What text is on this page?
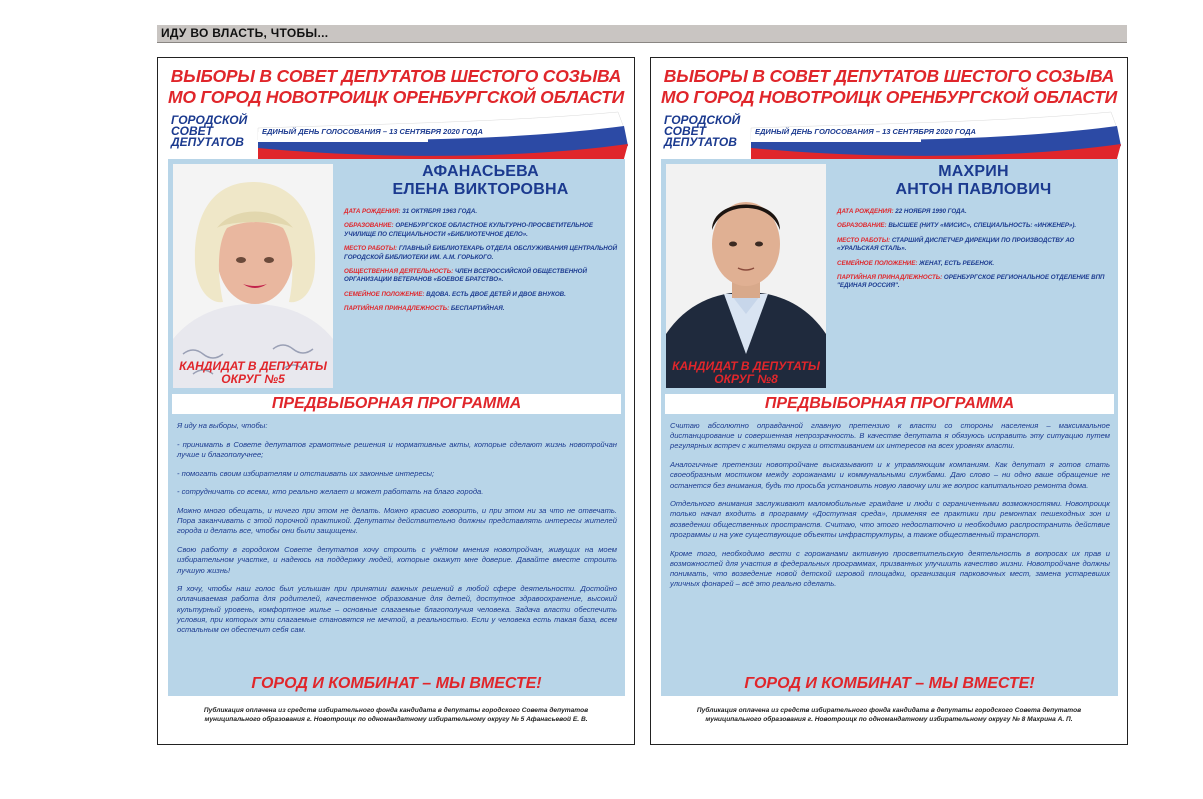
ИДУ ВО ВЛАСТЬ, ЧТОБЫ...
ВЫБОРЫ В СОВЕТ ДЕПУТАТОВ ШЕСТОГО СОЗЫВА
МО ГОРОД НОВОТРОИЦК ОРЕНБУРГСКОЙ ОБЛАСТИ
ГОРОДСКОЙ
СОВЕТ
ДЕПУТАТОВ
ЕДИНЫЙ ДЕНЬ ГОЛОСОВАНИЯ – 13 СЕНТЯБРЯ 2020 ГОДА
КАНДИДАТ В ДЕПУТАТЫ
ОКРУГ №5
АФАНАСЬЕВА
ЕЛЕНА ВИКТОРОВНА

ДАТА РОЖДЕНИЯ: 31 ОКТЯБРЯ 1963 ГОДА.

ОБРАЗОВАНИЕ: ОРЕНБУРГСКОЕ ОБЛАСТНОЕ КУЛЬТУРНО-ПРОСВЕТИТЕЛЬНОЕ УЧИЛИЩЕ ПО СПЕЦИАЛЬНОСТИ «БИБЛИОТЕЧНОЕ ДЕЛО».

МЕСТО РАБОТЫ: ГЛАВНЫЙ БИБЛИОТЕКАРЬ ОТДЕЛА ОБСЛУЖИВАНИЯ ЦЕНТРАЛЬНОЙ ГОРОДСКОЙ БИБЛИОТЕКИ ИМ. А.М. ГОРЬКОГО.

ОБЩЕСТВЕННАЯ ДЕЯТЕЛЬНОСТЬ: ЧЛЕН ВСЕРОССИЙСКОЙ ОБЩЕСТВЕННОЙ ОРГАНИЗАЦИИ ВЕТЕРАНОВ «БОЕВОЕ БРАТСТВО».

СЕМЕЙНОЕ ПОЛОЖЕНИЕ: ВДОВА. ЕСТЬ ДВОЕ ДЕТЕЙ И ДВОЕ ВНУКОВ.

ПАРТИЙНАЯ ПРИНАДЛЕЖНОСТЬ: БЕСПАРТИЙНАЯ.

ПРЕДВЫБОРНАЯ ПРОГРАММА

Я иду на выборы, чтобы:

- принимать в Совете депутатов грамотные решения и нормативные акты, которые сделают жизнь новотройчан лучше и благополучнее;

- помогать своим избирателям и отстаивать их законные интересы;

- сотрудничать со всеми, кто реально желает и может работать на благо города.

Можно много обещать, и ничего при этом не делать. Можно красиво говорить, и при этом ни за что не отвечать. Пора заканчивать с этой порочной практикой. Депутаты действительно должны представлять интересы жителей города и делать все, чтобы они были защищены.

Свою работу в городском Совете депутатов хочу строить с учётом мнения новотройчан, живущих на моем избирательном участке, и надеюсь на поддержку людей, которые окажут мне доверие. Давайте вместе строить лучшую жизнь!

Я хочу, чтобы наш голос был услышан при принятии важных решений в любой сфере деятельности. Достойно оплачиваемая работа для родителей, качественное образование для детей, доступное здравоохранение, высокий культурный уровень, комфортное жилье – основные слагаемые благополучия человека. Задача власти обеспечить условия, при которых эти слагаемые становятся не мечтой, а реальностью. Если у человека есть такая база, всем остальным он обеспечит себя сам.

ГОРОД И КОМБИНАТ – МЫ ВМЕСТЕ!
Публикация оплачена из средств избирательного фонда кандидата в депутаты городского Совета депутатов
муниципального образования г. Новотроицк по одномандатному избирательному округу № 5 Афанасьевой Е. В.
ВЫБОРЫ В СОВЕТ ДЕПУТАТОВ ШЕСТОГО СОЗЫВА
МО ГОРОД НОВОТРОИЦК ОРЕНБУРГСКОЙ ОБЛАСТИ
ГОРОДСКОЙ
СОВЕТ
ДЕПУТАТОВ
ЕДИНЫЙ ДЕНЬ ГОЛОСОВАНИЯ – 13 СЕНТЯБРЯ 2020 ГОДА
КАНДИДАТ В ДЕПУТАТЫ
ОКРУГ №8
МАХРИН
АНТОН ПАВЛОВИЧ

ДАТА РОЖДЕНИЯ: 22 НОЯБРЯ 1990 ГОДА.

ОБРАЗОВАНИЕ: ВЫСШЕЕ (НИТУ «МИСИС», СПЕЦИАЛЬНОСТЬ: «ИНЖЕНЕР»).

МЕСТО РАБОТЫ: СТАРШИЙ ДИСПЕТЧЕР ДИРЕКЦИИ ПО ПРОИЗВОДСТВУ АО «УРАЛЬСКАЯ СТАЛЬ».

СЕМЕЙНОЕ ПОЛОЖЕНИЕ: ЖЕНАТ, ЕСТЬ РЕБЕНОК.

ПАРТИЙНАЯ ПРИНАДЛЕЖНОСТЬ: ОРЕНБУРГСКОЕ РЕГИОНАЛЬНОЕ ОТДЕЛЕНИЕ ВПП "ЕДИНАЯ РОССИЯ".

ПРЕДВЫБОРНАЯ ПРОГРАММА

Считаю абсолютно оправданной главную претензию к власти со стороны населения – максимальное дистанцирование и совершенная непрозрачность. В качестве депутата я обязуюсь исправить эту ситуацию путем регулярных встреч с жителями округа и отстаиванием их интересов на всех уровнях власти.

Аналогичные претензии новотройчане высказывают и к управляющим компаниям. Как депутат я готов стать своеобразным мостиком между горожанами и коммунальными службами. Даю слово – ни одно ваше обращение не останется без внимания, будь то просьба установить новую лавочку или же вопрос капитального ремонта дома.

Отдельного внимания заслуживают маломобильные граждане и люди с ограниченными возможностями. Новотроицк только начал входить в программу «Доступная среда», применяя ее практики при ремонтах пешеходных зон и возведении общественных пространств. Считаю, что этого недостаточно и необходимо распространить действие программы и на уже существующие объекты инфраструктуры, а также общественный транспорт.

Кроме того, необходимо вести с горожанами активную просветительскую деятельность в вопросах их прав и возможностей для участия в федеральных программах, призванных улучшить качество жизни. Новотройчане должны понимать, что возведение новой детской игровой площадки, организация парковочных мест, замена устаревших уличных фонарей – всё это реально сделать.

ГОРОД И КОМБИНАТ – МЫ ВМЕСТЕ!
Публикация оплачена из средств избирательного фонда кандидата в депутаты городского Совета депутатов
муниципального образования г. Новотроицк по одномандатному избирательному округу № 8 Махрина А. П.
